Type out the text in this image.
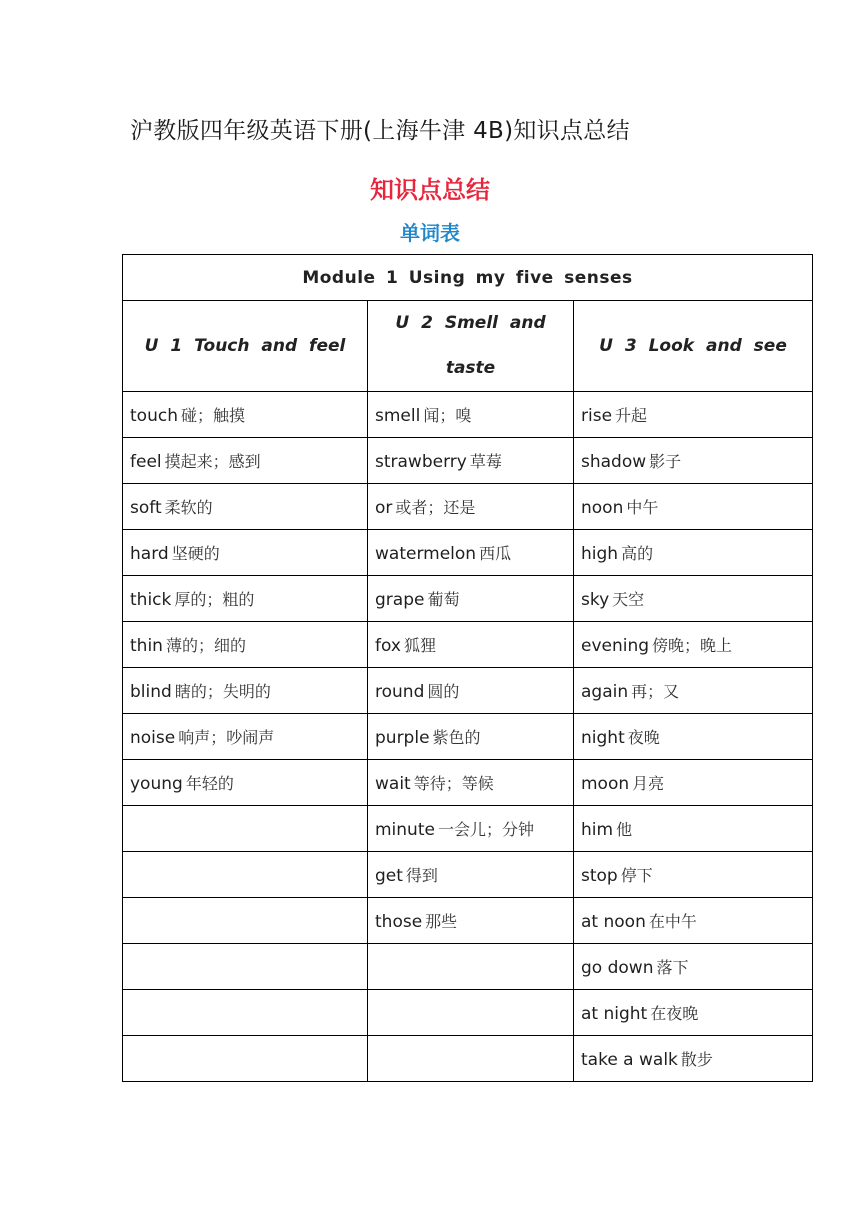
沪教版四年级英语下册(上海牛津 4B)知识点总结
知识点总结
单词表
Module 1 Using my five senses		
U 1 Touch and feel	U 2 Smell and taste	U 3 Look and see
touch 碰；触摸	smell 闻；嗅	rise 升起
feel 摸起来；感到	strawberry 草莓	shadow 影子
soft 柔软的	or 或者；还是	noon 中午
hard 坚硬的	watermelon 西瓜	high 高的
thick 厚的；粗的	grape 葡萄	sky 天空
thin 薄的；细的	fox 狐狸	evening 傍晚；晚上
blind 瞎的；失明的	round 圆的	again 再；又
noise 响声；吵闹声	purple 紫色的	night 夜晚
young 年轻的	wait 等待；等候	moon 月亮
	minute 一会儿；分钟	him 他
	get 得到	stop 停下
	those 那些	at noon 在中午
		go down 落下
		at night 在夜晚
		take a walk 散步
